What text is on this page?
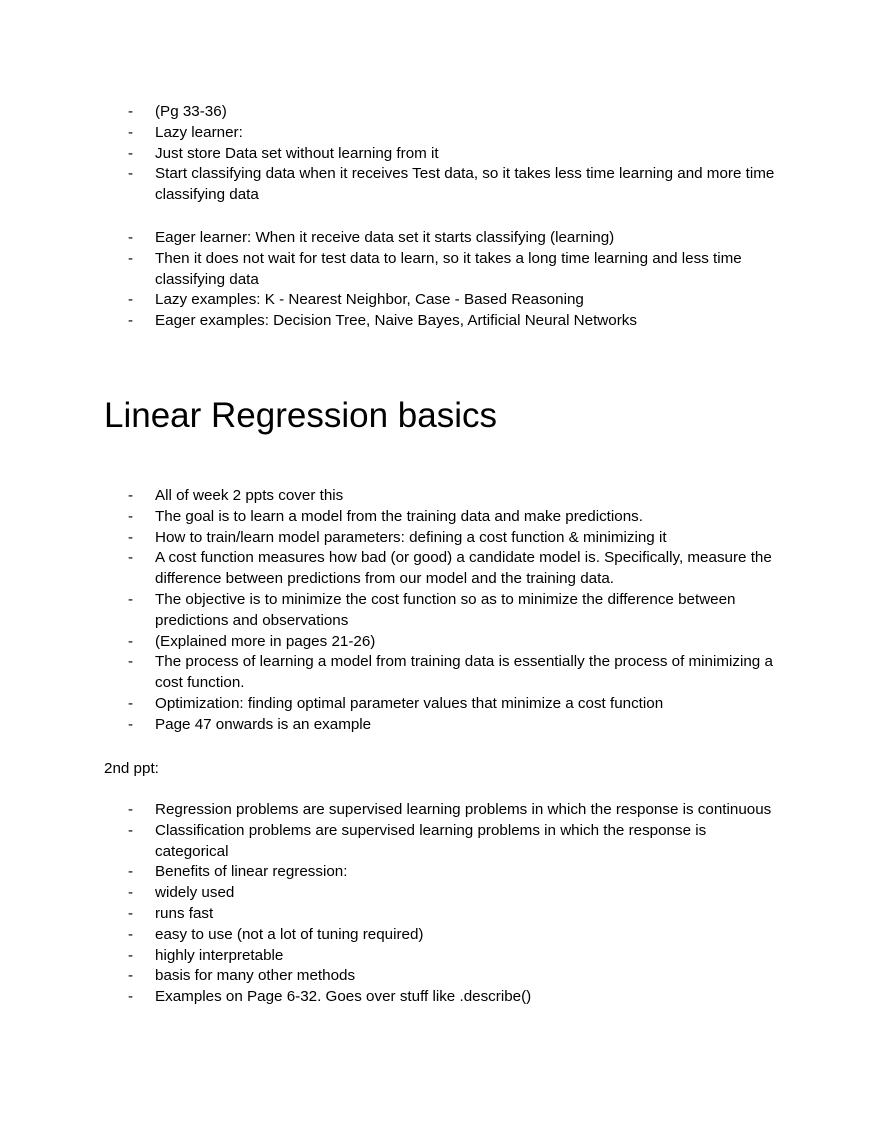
- (Pg 33-36)
- Lazy learner:
- Just store Data set without learning from it
- Start classifying data when it receives Test data, so it takes less time learning and more time classifying data
- Eager learner: When it receive data set it starts classifying (learning)
- Then it does not wait for test data to learn, so it takes a long time learning and less time classifying data
- Lazy examples: K - Nearest Neighbor, Case - Based Reasoning
- Eager examples: Decision Tree, Naive Bayes, Artificial Neural Networks
Linear Regression basics
- All of week 2 ppts cover this
- The goal is to learn a model from the training data and make predictions.
- How to train/learn model parameters: defining a cost function & minimizing it
- A cost function measures how bad (or good) a candidate model is. Specifically, measure the difference between predictions from our model and the training data.
- The objective is to minimize the cost function so as to minimize the difference between predictions and observations
- (Explained more in pages 21-26)
- The process of learning a model from training data is essentially the process of minimizing a cost function.
- Optimization: finding optimal parameter values that minimize a cost function
- Page 47 onwards is an example

2nd ppt:

- Regression problems are supervised learning problems in which the response is continuous
- Classification problems are supervised learning problems in which the response is categorical
- Benefits of linear regression:
- widely used
- runs fast
- easy to use (not a lot of tuning required)
- highly interpretable
- basis for many other methods
- Examples on Page 6-32. Goes over stuff like .describe()
